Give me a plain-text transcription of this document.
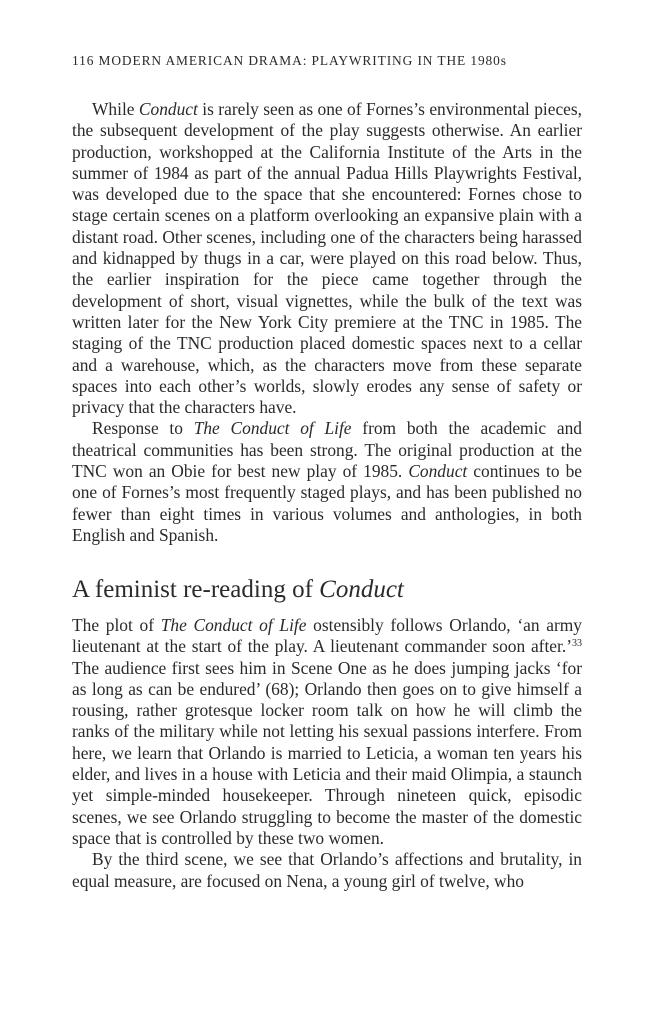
116 MODERN AMERICAN DRAMA: PLAYWRITING IN THE 1980s

While Conduct is rarely seen as one of Fornes’s environmental pieces, the subsequent development of the play suggests otherwise. An earlier production, workshopped at the California Institute of the Arts in the summer of 1984 as part of the annual Padua Hills Playwrights Festival, was developed due to the space that she encountered: Fornes chose to stage certain scenes on a platform overlooking an expansive plain with a distant road. Other scenes, including one of the characters being harassed and kidnapped by thugs in a car, were played on this road below. Thus, the earlier inspiration for the piece came together through the development of short, visual vignettes, while the bulk of the text was written later for the New York City premiere at the TNC in 1985. The staging of the TNC production placed domestic spaces next to a cellar and a warehouse, which, as the characters move from these separate spaces into each other’s worlds, slowly erodes any sense of safety or privacy that the characters have.

Response to The Conduct of Life from both the academic and theatrical communities has been strong. The original production at the TNC won an Obie for best new play of 1985. Conduct continues to be one of Fornes’s most frequently staged plays, and has been published no fewer than eight times in various volumes and anthologies, in both English and Spanish.

A feminist re-reading of Conduct

The plot of The Conduct of Life ostensibly follows Orlando, ‘an army lieutenant at the start of the play. A lieutenant commander soon after.’$^{33}$ The audience first sees him in Scene One as he does jumping jacks ‘for as long as can be endured’ (68); Orlando then goes on to give himself a rousing, rather grotesque locker room talk on how he will climb the ranks of the military while not letting his sexual passions interfere. From here, we learn that Orlando is married to Leticia, a woman ten years his elder, and lives in a house with Leticia and their maid Olimpia, a staunch yet simple-minded housekeeper. Through nineteen quick, episodic scenes, we see Orlando struggling to become the master of the domestic space that is controlled by these two women.

By the third scene, we see that Orlando’s affections and brutality, in equal measure, are focused on Nena, a young girl of twelve, who
